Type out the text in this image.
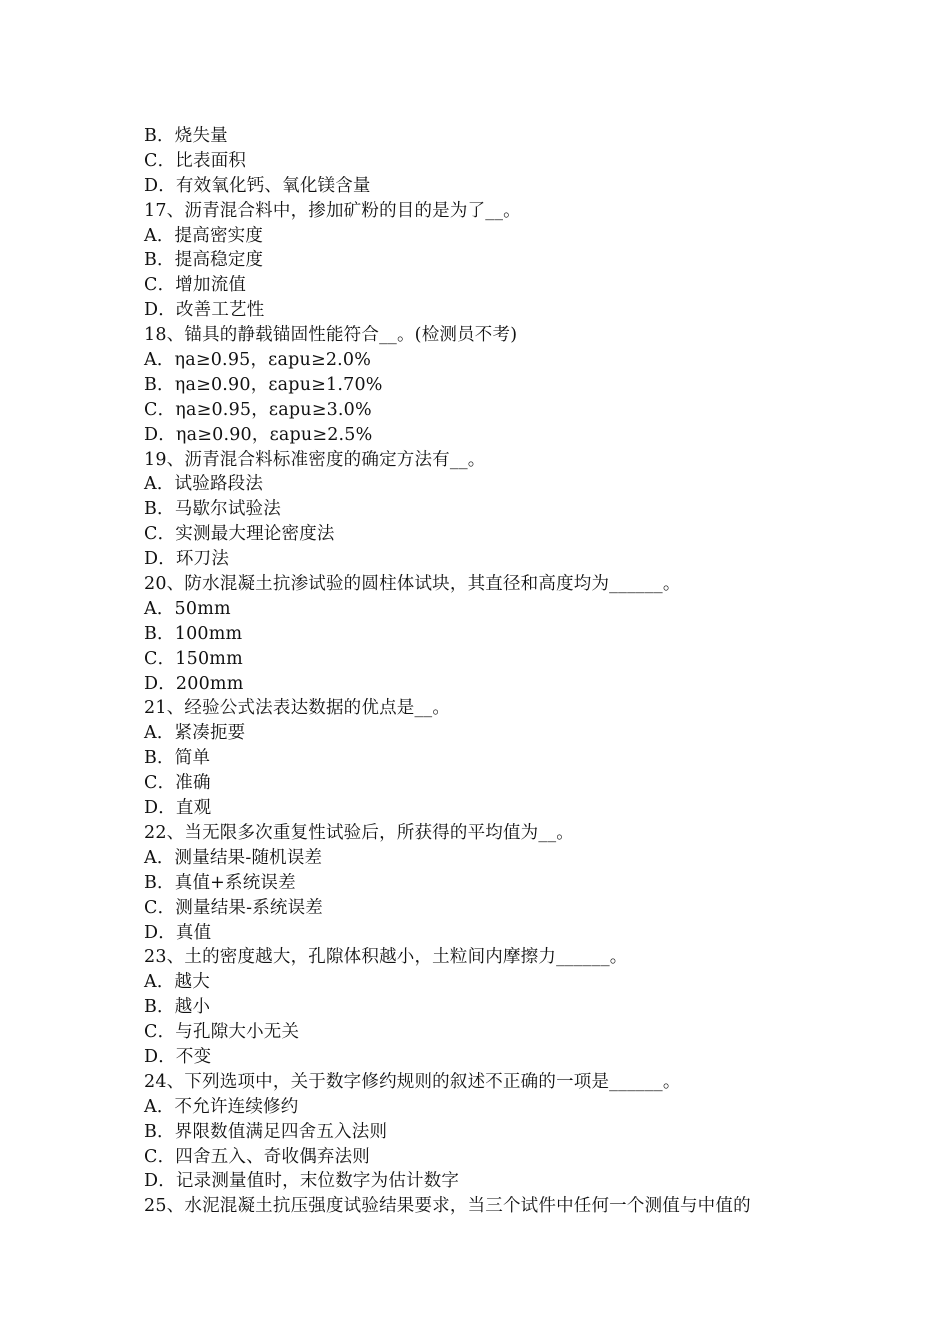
B．烧失量
C．比表面积
D．有效氧化钙、氧化镁含量
17、沥青混合料中，掺加矿粉的目的是为了__。
A．提高密实度
B．提高稳定度
C．增加流值
D．改善工艺性
18、锚具的静载锚固性能符合__。(检测员不考)
A．ηa≥0.95，εapu≥2.0%
B．ηa≥0.90，εapu≥1.70%
C．ηa≥0.95，εapu≥3.0%
D．ηa≥0.90，εapu≥2.5%
19、沥青混合料标准密度的确定方法有__。
A．试验路段法
B．马歇尔试验法
C．实测最大理论密度法
D．环刀法
20、防水混凝土抗渗试验的圆柱体试块，其直径和高度均为______。
A．50mm
B．100mm
C．150mm
D．200mm
21、经验公式法表达数据的优点是__。
A．紧凑扼要
B．简单
C．准确
D．直观
22、当无限多次重复性试验后，所获得的平均值为__。
A．测量结果-随机误差
B．真值+系统误差
C．测量结果-系统误差
D．真值
23、土的密度越大，孔隙体积越小，土粒间内摩擦力______。
A．越大
B．越小
C．与孔隙大小无关
D．不变
24、下列选项中，关于数字修约规则的叙述不正确的一项是______。
A．不允许连续修约
B．界限数值满足四舍五入法则
C．四舍五入、奇收偶弃法则
D．记录测量值时，末位数字为估计数字
25、水泥混凝土抗压强度试验结果要求，当三个试件中任何一个测值与中值的
